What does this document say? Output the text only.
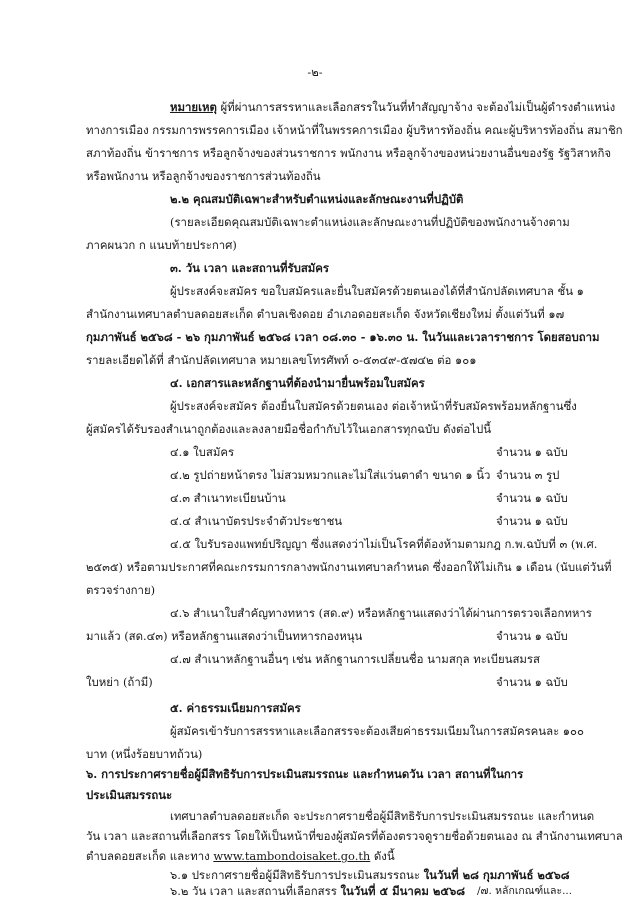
-๒-
หมายเหตุ ผู้ที่ผ่านการสรรหาและเลือกสรรในวันที่ทำสัญญาจ้าง จะต้องไม่เป็นผู้ดำรงตำแหน่ง
ทางการเมือง กรรมการพรรคการเมือง เจ้าหน้าที่ในพรรคการเมือง ผู้บริหารท้องถิ่น คณะผู้บริหารท้องถิ่น สมาชิก
สภาท้องถิ่น ข้าราชการ หรือลูกจ้างของส่วนราชการ พนักงาน หรือลูกจ้างของหน่วยงานอื่นของรัฐ รัฐวิสาหกิจ
หรือพนักงาน หรือลูกจ้างของราชการส่วนท้องถิ่น
๒.๒ คุณสมบัติเฉพาะสำหรับตำแหน่งและลักษณะงานที่ปฏิบัติ
(รายละเอียดคุณสมบัติเฉพาะตำแหน่งและลักษณะงานที่ปฏิบัติของพนักงานจ้างตาม
ภาคผนวก ก แนบท้ายประกาศ)
๓. วัน เวลา และสถานที่รับสมัคร
ผู้ประสงค์จะสมัคร ขอใบสมัครและยื่นใบสมัครด้วยตนเองได้ที่สำนักปลัดเทศบาล ชั้น ๑
สำนักงานเทศบาลตำบลดอยสะเก็ด ตำบลเชิงดอย อำเภอดอยสะเก็ด จังหวัดเชียงใหม่ ตั้งแต่วันที่ ๑๗
กุมภาพันธ์ ๒๕๖๘ - ๒๖ กุมภาพันธ์ ๒๕๖๘ เวลา ๐๘.๓๐ - ๑๖.๓๐ น. ในวันและเวลาราชการ โดยสอบถาม
รายละเอียดได้ที่ สำนักปลัดเทศบาล หมายเลขโทรศัพท์ ๐-๕๓๔๙-๕๗๔๒ ต่อ ๑๐๑
๔. เอกสารและหลักฐานที่ต้องนำมายื่นพร้อมใบสมัคร
ผู้ประสงค์จะสมัคร ต้องยื่นใบสมัครด้วยตนเอง ต่อเจ้าหน้าที่รับสมัครพร้อมหลักฐานซึ่ง
ผู้สมัครได้รับรองสำเนาถูกต้องและลงลายมือชื่อกำกับไว้ในเอกสารทุกฉบับ ดังต่อไปนี้
๔.๑ ใบสมัคร	จำนวน ๑ ฉบับ
๔.๒ รูปถ่ายหน้าตรง ไม่สวมหมวกและไม่ใส่แว่นตาดำ ขนาด ๑ นิ้ว จำนวน ๓ รูป
๔.๓ สำเนาทะเบียนบ้าน	จำนวน ๑ ฉบับ
๔.๔ สำเนาบัตรประจำตัวประชาชน	จำนวน ๑ ฉบับ
๔.๕ ใบรับรองแพทย์ปริญญา ซึ่งแสดงว่าไม่เป็นโรคที่ต้องห้ามตามกฎ ก.พ.ฉบับที่ ๓ (พ.ศ.
๒๕๓๕) หรือตามประกาศที่คณะกรรมการกลางพนักงานเทศบาลกำหนด ซึ่งออกให้ไม่เกิน ๑ เดือน (นับแต่วันที่
ตรวจร่างกาย)
๔.๖ สำเนาใบสำคัญทางทหาร (สด.๙) หรือหลักฐานแสดงว่าได้ผ่านการตรวจเลือกทหาร
มาแล้ว (สด.๔๓) หรือหลักฐานแสดงว่าเป็นทหารกองหนุน	จำนวน ๑ ฉบับ
๔.๗ สำเนาหลักฐานอื่นๆ เช่น หลักฐานการเปลี่ยนชื่อ นามสกุล ทะเบียนสมรส
ใบหย่า (ถ้ามี)	จำนวน ๑ ฉบับ
๕. ค่าธรรมเนียมการสมัคร
ผู้สมัครเข้ารับการสรรหาและเลือกสรรจะต้องเสียค่าธรรมเนียมในการสมัครคนละ ๑๐๐
บาท (หนึ่งร้อยบาทถ้วน)
๖. การประกาศรายชื่อผู้มีสิทธิรับการประเมินสมรรถนะ และกำหนดวัน เวลา สถานที่ในการ
ประเมินสมรรถนะ
เทศบาลตำบลดอยสะเก็ด จะประกาศรายชื่อผู้มีสิทธิรับการประเมินสมรรถนะ และกำหนด
วัน เวลา และสถานที่เลือกสรร โดยให้เป็นหน้าที่ของผู้สมัครที่ต้องตรวจดูรายชื่อด้วยตนเอง ณ สำนักงานเทศบาล
ตำบลดอยสะเก็ด และทาง www.tambondoisaket.go.th ดังนี้
๖.๑ ประกาศรายชื่อผู้มีสิทธิรับการประเมินสมรรถนะ ในวันที่ ๒๘ กุมภาพันธ์ ๒๕๖๘
๖.๒ วัน เวลา และสถานที่เลือกสรร ในวันที่ ๕ มีนาคม ๒๕๖๘ /๗. หลักเกณฑ์และ...
